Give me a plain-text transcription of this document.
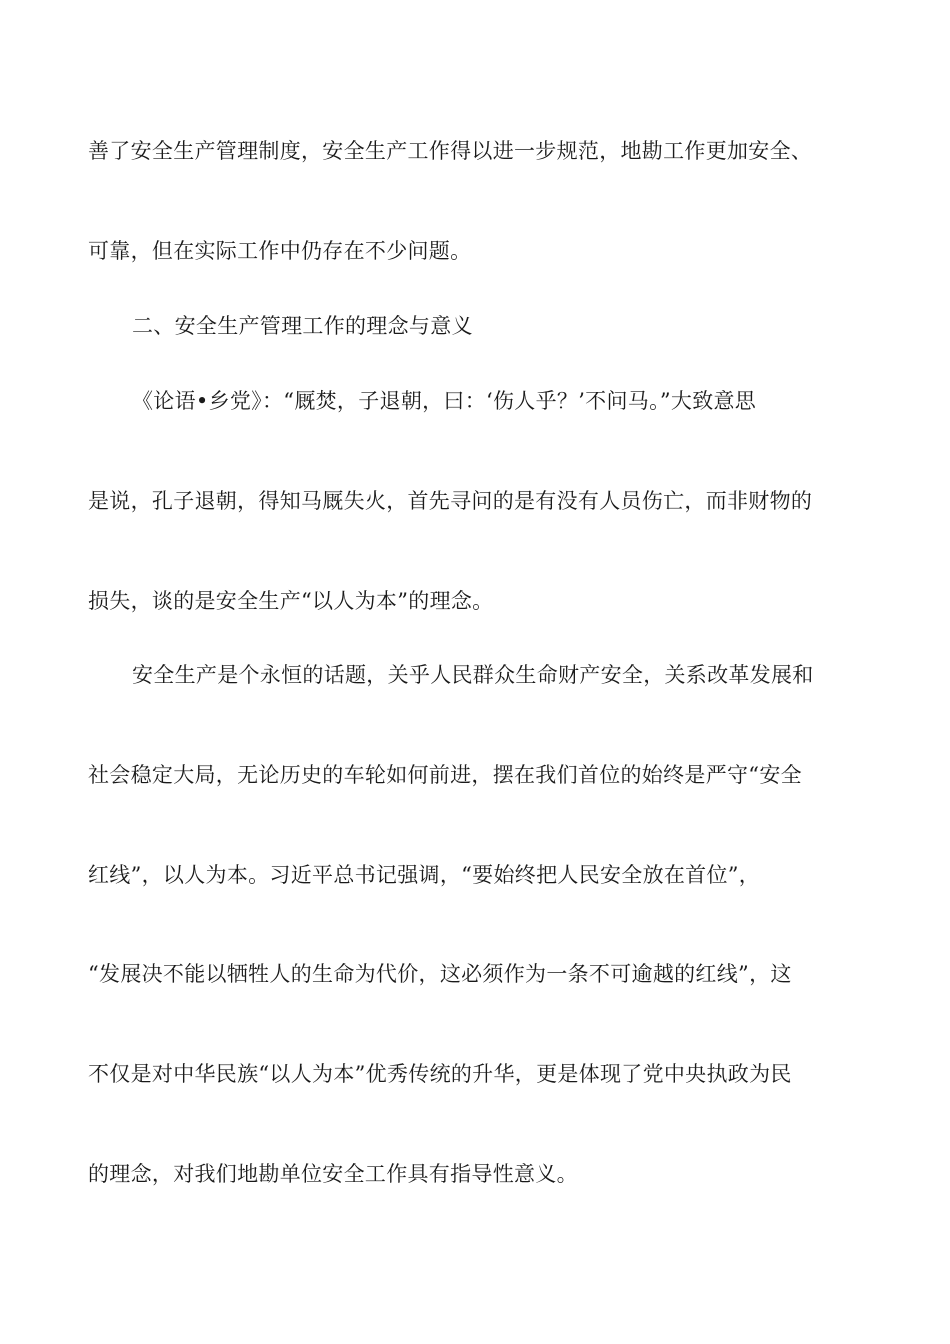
善了安全生产管理制度，安全生产工作得以进一步规范，地勘工作更加安全、
可靠，但在实际工作中仍存在不少问题。
二、安全生产管理工作的理念与意义
《论语•乡党》：“厩焚，子退朝，曰：‘伤人乎？’不问马。”大致意思
是说，孔子退朝，得知马厩失火，首先寻问的是有没有人员伤亡，而非财物的
损失，谈的是安全生产“以人为本”的理念。
安全生产是个永恒的话题，关乎人民群众生命财产安全，关系改革发展和
社会稳定大局，无论历史的车轮如何前进，摆在我们首位的始终是严守“安全
红线”，以人为本。习近平总书记强调，“要始终把人民安全放在首位”，
“发展决不能以牺牲人的生命为代价，这必须作为一条不可逾越的红线”，这
不仅是对中华民族“以人为本”优秀传统的升华，更是体现了党中央执政为民
的理念，对我们地勘单位安全工作具有指导性意义。
